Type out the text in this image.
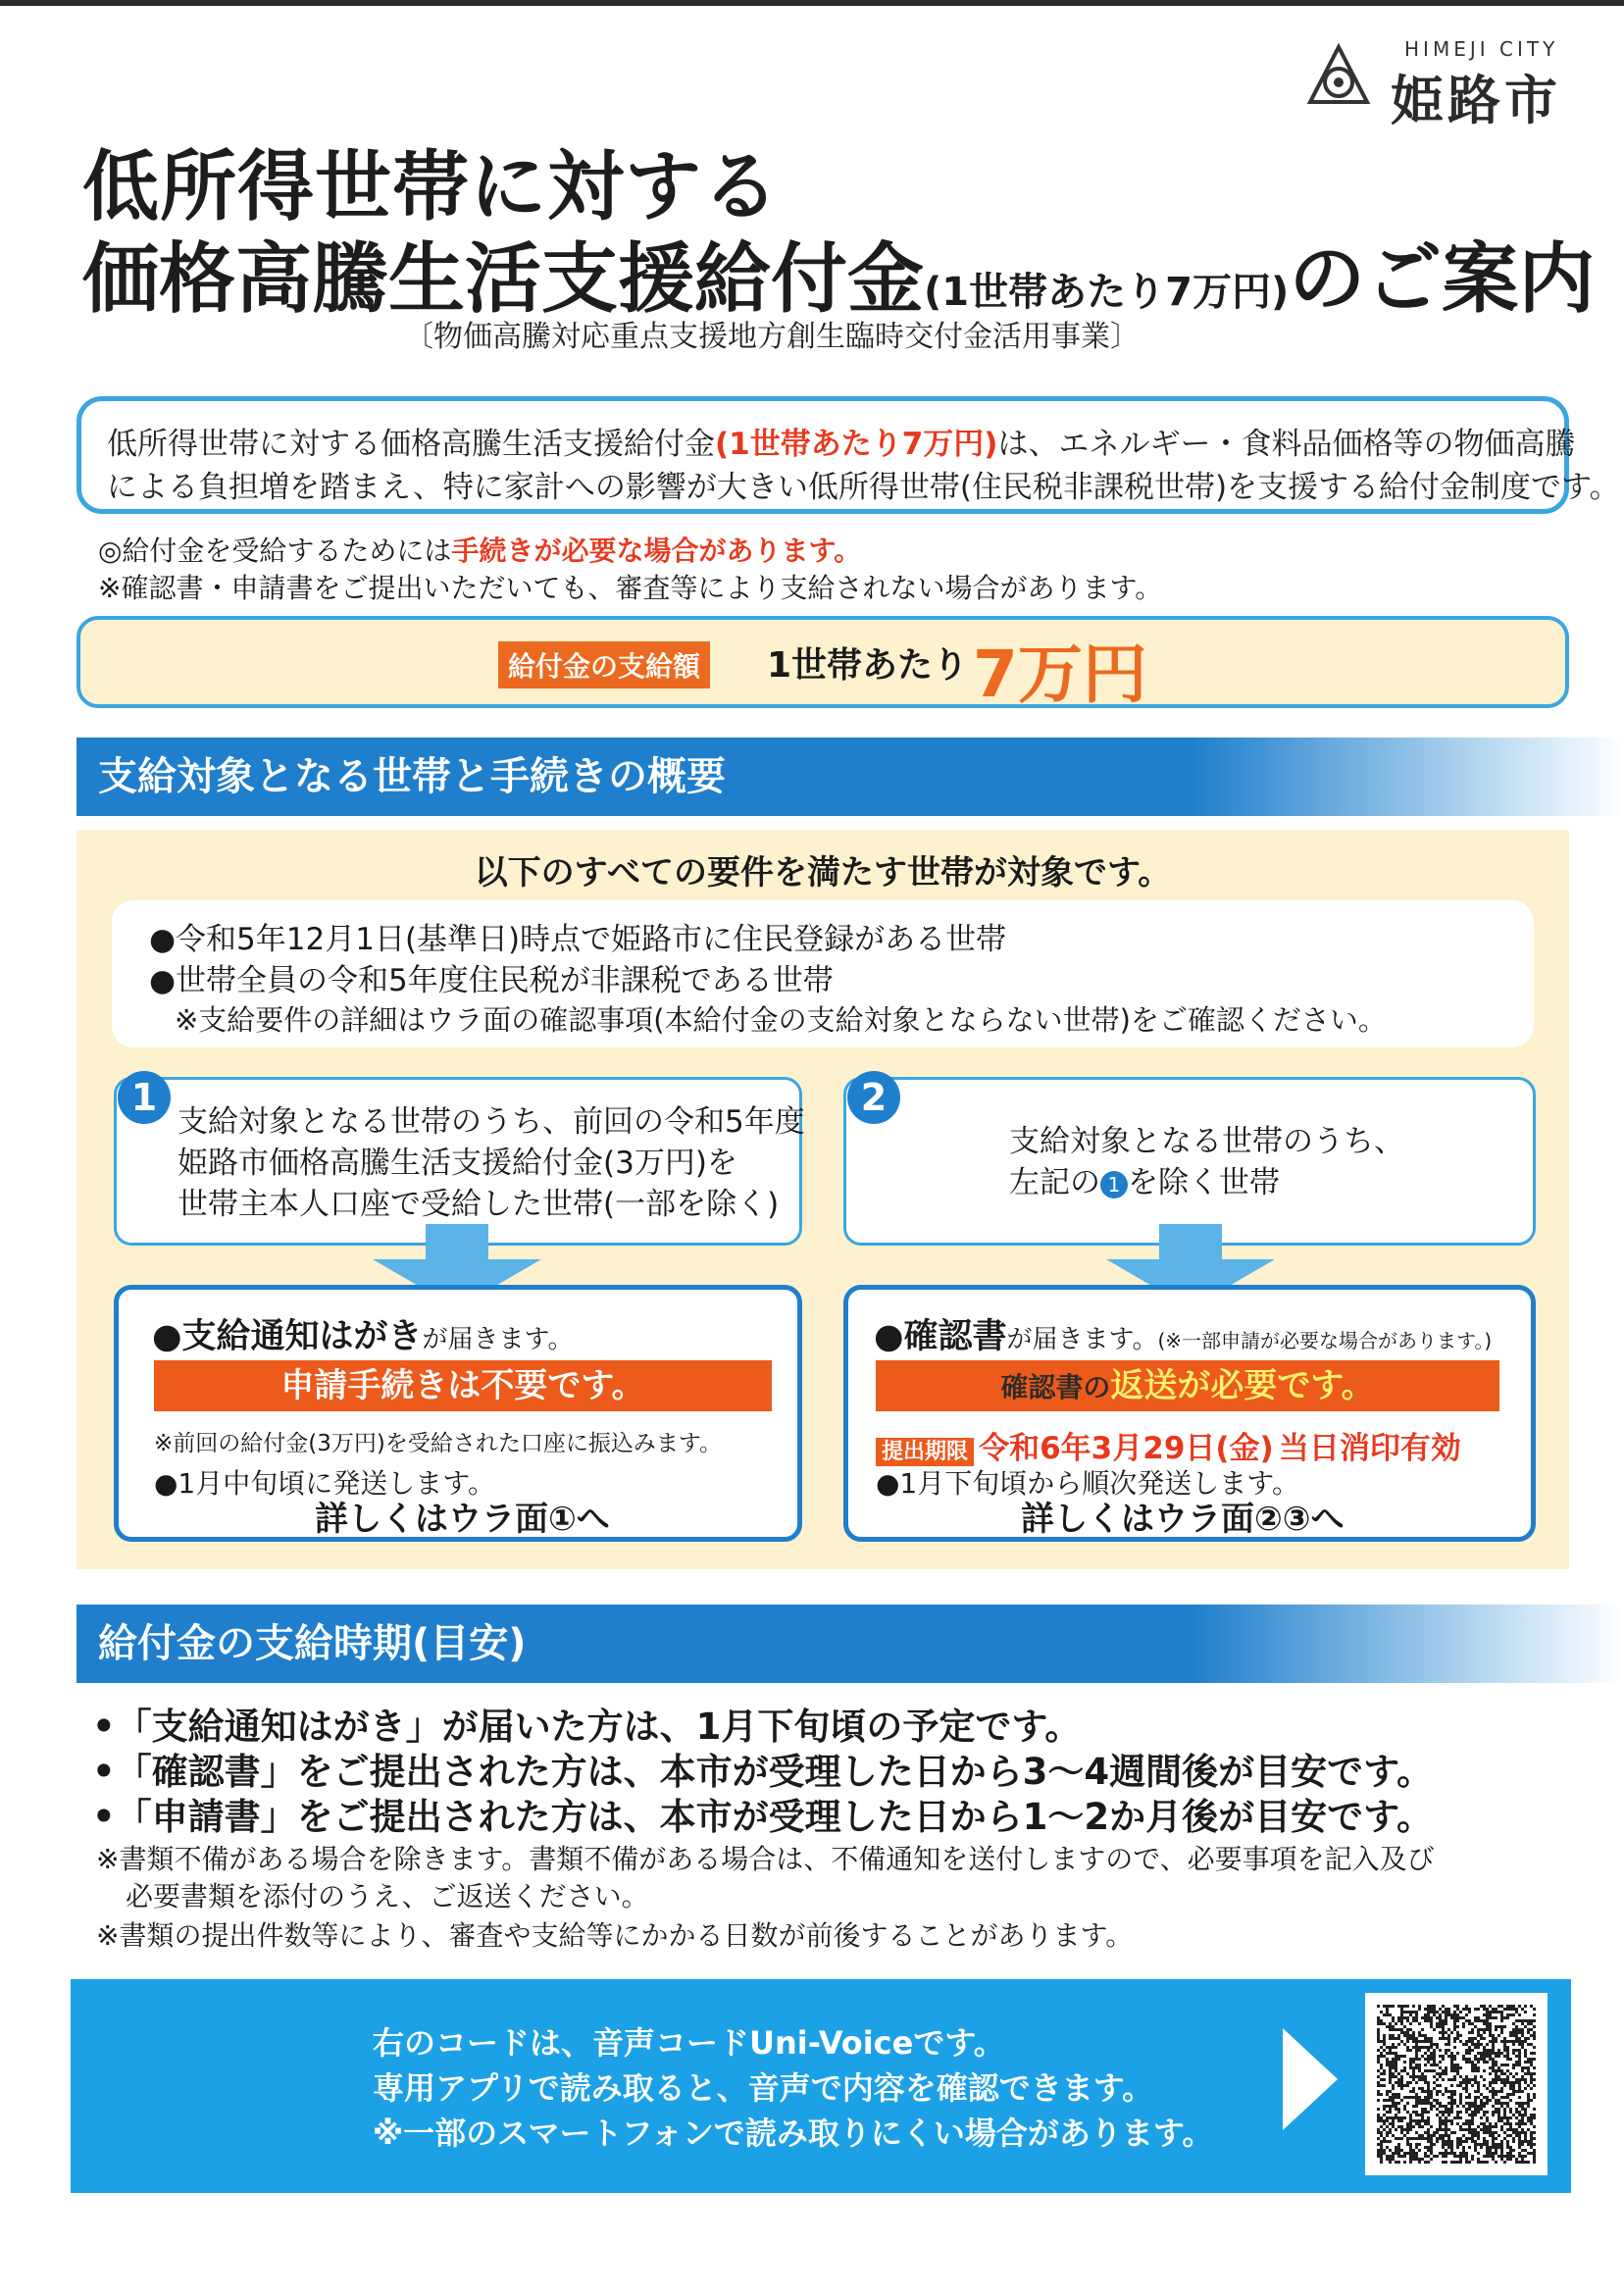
HIMEJI CITY
姫路市
低所得世帯に対する
価格高騰生活支援給付金(1世帯あたり7万円)のご案内
〔物価高騰対応重点支援地方創生臨時交付金活用事業〕

低所得世帯に対する価格高騰生活支援給付金(1世帯あたり7万円)は、エネルギー・食料品価格等の物価高騰

による負担増を踏まえ、特に家計への影響が大きい低所得世帯(住民税非課税世帯)を支援する給付金制度です。

◎給付金を受給するためには手続きが必要な場合があります。
※確認書・申請書をご提出いただいても、審査等により支給されない場合があります。
給付金の支給額 1世帯あたり 7万円
支給対象となる世帯と手続きの概要
以下のすべての要件を満たす世帯が対象です。

●令和5年12月1日(基準日)時点で姫路市に住民登録がある世帯

●世帯全員の令和5年度住民税が非課税である世帯

※支給要件の詳細はウラ面の確認事項(本給付金の支給対象とならない世帯)をご確認ください。

支給対象となる世帯のうち、前回の令和5年度
姫路市価格高騰生活支援給付金(3万円)を
世帯主本人口座で受給した世帯(一部を除く)
1
支給対象となる世帯のうち、
左記の 1 を除く世帯
2
●支給通知はがきが届きます。
申請手続きは不要です。
※前回の給付金(3万円)を受給された口座に振込みます。
●1月中旬頃に発送します。
詳しくはウラ面①へ
●確認書が届きます。(※一部申請が必要な場合があります。)
確認書の返送が必要です。
提出期限 令和6年3月29日(金) 当日消印有効
●1月下旬頃から順次発送します。
詳しくはウラ面②③へ
給付金の支給時期(目安)
•「支給通知はがき」が届いた方は、1月下旬頃の予定です。
•「確認書」をご提出された方は、本市が受理した日から3〜4週間後が目安です。
•「申請書」をご提出された方は、本市が受理した日から1〜2か月後が目安です。
※書類不備がある場合を除きます。書類不備がある場合は、不備通知を送付しますので、必要事項を記入及び
必要書類を添付のうえ、ご返送ください。
※書類の提出件数等により、審査や支給等にかかる日数が前後することがあります。

右のコードは、音声コードUni-Voiceです。

専用アプリで読み取ると、音声で内容を確認できます。

※一部のスマートフォンで読み取りにくい場合があります。
